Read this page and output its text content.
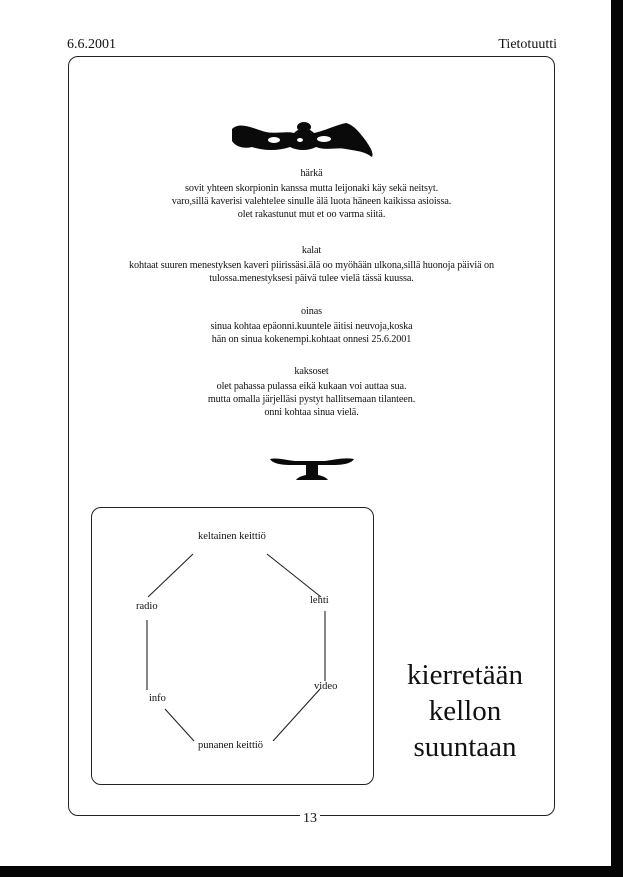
6.6.2001	Tietotuutti
härkä
sovit yhteen skorpionin kanssa mutta leijonaki käy sekä neitsyt.
varo,sillä kaverisi valehtelee sinulle älä luota häneen kaikissa asioissa.
olet rakastunut mut et oo varma siitä.
kalat
kohtaat suuren menestyksen kaveri piirissäsi.älä oo myöhään ulkona,sillä huonoja päiviä on
tulossa.menestyksesi päivä tulee vielä tässä kuussa.
oinas
sinua kohtaa epäonni.kuuntele äitisi neuvoja,koska
hän on sinua kokenempi.kohtaat onnesi 25.6.2001
kaksoset
olet pahassa pulassa eikä kukaan voi auttaa sua.
mutta omalla järjelläsi pystyt hallitsemaan tilanteen.
onni kohtaa sinua vielä.
keltainen keittiö
radio
lehti
info
video
punanen keittiö
kierretään
kellon
suuntaan
13
